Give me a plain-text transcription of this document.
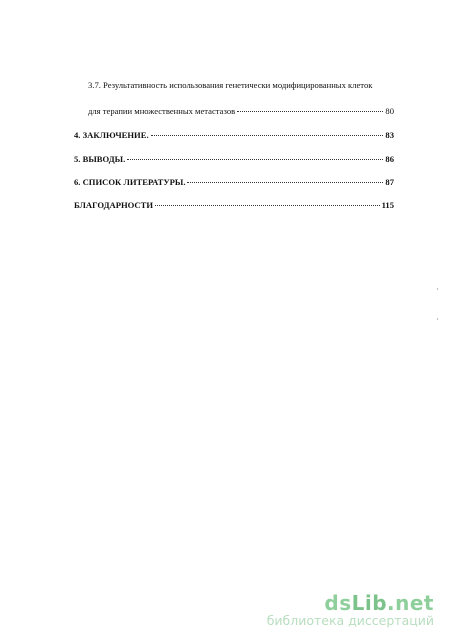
3.7. Результативность использования генетически модифицированных клеток
для терапии множественных метастазов	80
4. ЗАКЛЮЧЕНИЕ.	83
5. ВЫВОДЫ.	86
6. СПИСОК ЛИТЕРАТУРЫ.	87
БЛАГОДАРНОСТИ	115
dsLib.net
библиотека диссертаций
